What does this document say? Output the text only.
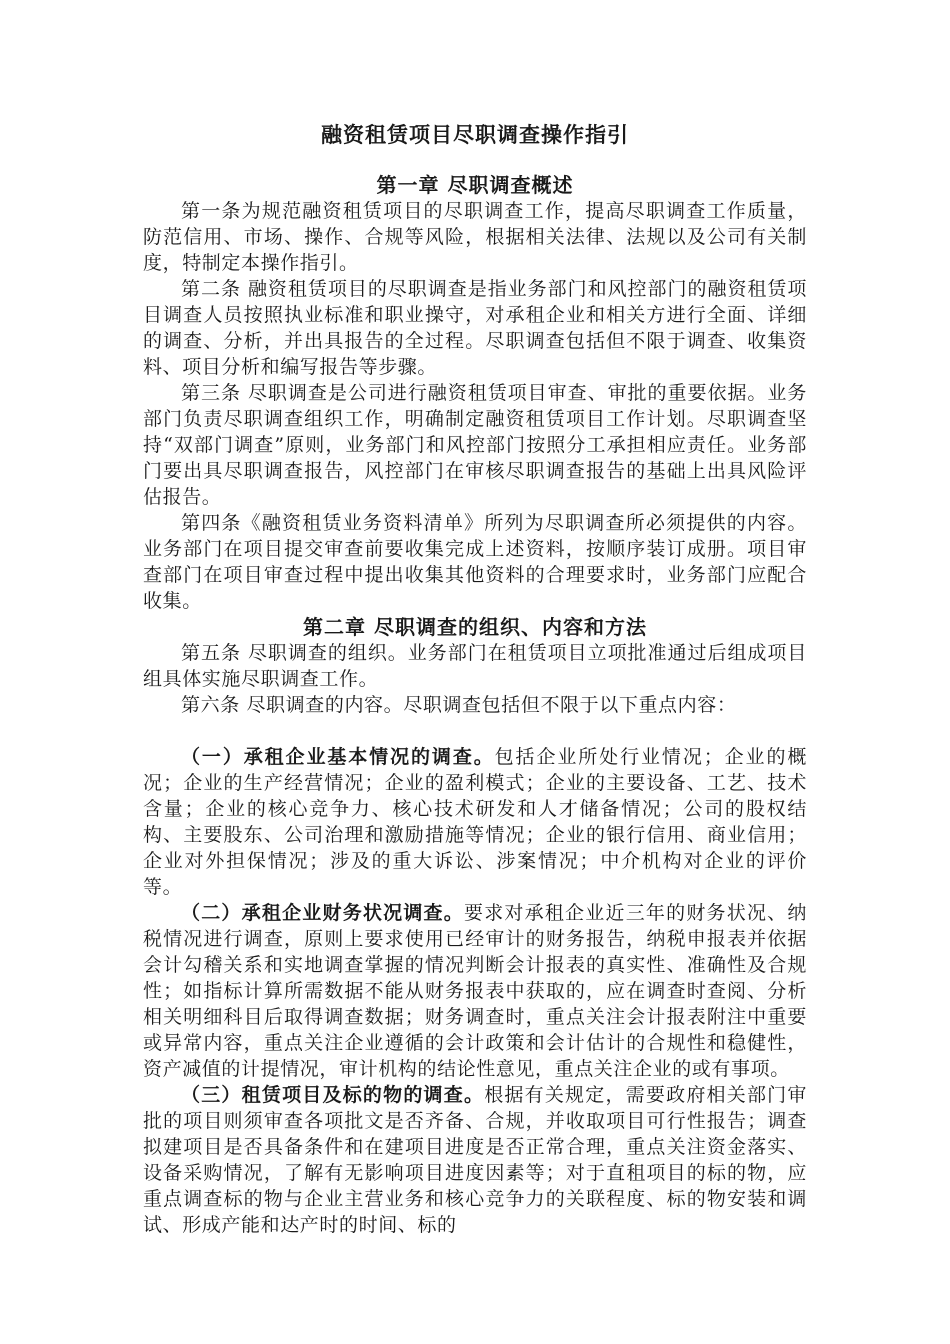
融资租赁项目尽职调查操作指引
第一章 尽职调查概述

第一条为规范融资租赁项目的尽职调查工作，提高尽职调查工作质量，防范信用、市场、操作、合规等风险，根据相关法律、法规以及公司有关制度，特制定本操作指引。

第二条 融资租赁项目的尽职调查是指业务部门和风控部门的融资租赁项目调查人员按照执业标准和职业操守，对承租企业和相关方进行全面、详细的调查、分析，并出具报告的全过程。尽职调查包括但不限于调查、收集资料、项目分析和编写报告等步骤。

第三条 尽职调查是公司进行融资租赁项目审查、审批的重要依据。业务部门负责尽职调查组织工作，明确制定融资租赁项目工作计划。尽职调查坚持“双部门调查”原则，业务部门和风控部门按照分工承担相应责任。业务部门要出具尽职调查报告，风控部门在审核尽职调查报告的基础上出具风险评估报告。

第四条《融资租赁业务资料清单》所列为尽职调查所必须提供的内容。业务部门在项目提交审查前要收集完成上述资料，按顺序装订成册。项目审查部门在项目审查过程中提出收集其他资料的合理要求时，业务部门应配合收集。

第二章 尽职调查的组织、内容和方法

第五条 尽职调查的组织。业务部门在租赁项目立项批准通过后组成项目组具体实施尽职调查工作。

第六条 尽职调查的内容。尽职调查包括但不限于以下重点内容：

（一）承租企业基本情况的调查。包括企业所处行业情况；企业的概况；企业的生产经营情况；企业的盈利模式；企业的主要设备、工艺、技术含量；企业的核心竞争力、核心技术研发和人才储备情况；公司的股权结构、主要股东、公司治理和激励措施等情况；企业的银行信用、商业信用；企业对外担保情况；涉及的重大诉讼、涉案情况；中介机构对企业的评价等。

（二）承租企业财务状况调查。要求对承租企业近三年的财务状况、纳税情况进行调查，原则上要求使用已经审计的财务报告，纳税申报表并依据会计勾稽关系和实地调查掌握的情况判断会计报表的真实性、准确性及合规性；如指标计算所需数据不能从财务报表中获取的，应在调查时查阅、分析相关明细科目后取得调查数据；财务调查时，重点关注会计报表附注中重要或异常内容，重点关注企业遵循的会计政策和会计估计的合规性和稳健性，资产减值的计提情况，审计机构的结论性意见，重点关注企业的或有事项。

（三）租赁项目及标的物的调查。根据有关规定，需要政府相关部门审批的项目则须审查各项批文是否齐备、合规，并收取项目可行性报告；调查拟建项目是否具备条件和在建项目进度是否正常合理，重点关注资金落实、设备采购情况，了解有无影响项目进度因素等；对于直租项目的标的物，应重点调查标的物与企业主营业务和核心竞争力的关联程度、标的物安装和调试、形成产能和达产时的时间、标的
